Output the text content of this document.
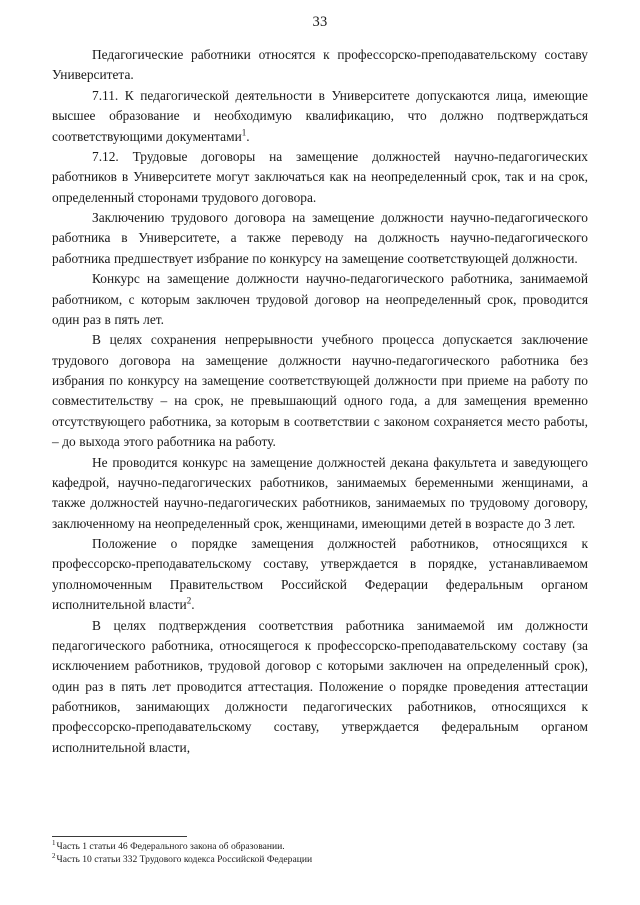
33

Педагогические работники относятся к профессорско-преподавательскому составу Университета.

7.11. К педагогической деятельности в Университете допускаются лица, имеющие высшее образование и необходимую квалификацию, что должно подтверждаться соответствующими документами$^1$.

7.12. Трудовые договоры на замещение должностей научно-педагогических работников в Университете могут заключаться как на неопределенный срок, так и на срок, определенный сторонами трудового договора.

Заключению трудового договора на замещение должности научно-педагогического работника в Университете, а также переводу на должность научно-педагогического работника предшествует избрание по конкурсу на замещение соответствующей должности.

Конкурс на замещение должности научно-педагогического работника, занимаемой работником, с которым заключен трудовой договор на неопределенный срок, проводится один раз в пять лет.

В целях сохранения непрерывности учебного процесса допускается заключение трудового договора на замещение должности научно-педагогического работника без избрания по конкурсу на замещение соответствующей должности при приеме на работу по совместительству – на срок, не превышающий одного года, а для замещения временно отсутствующего работника, за которым в соответствии с законом сохраняется место работы, – до выхода этого работника на работу.

Не проводится конкурс на замещение должностей декана факультета и заведующего кафедрой, научно-педагогических работников, занимаемых беременными женщинами, а также должностей научно-педагогических работников, занимаемых по трудовому договору, заключенному на неопределенный срок, женщинами, имеющими детей в возрасте до 3 лет.

Положение о порядке замещения должностей работников, относящихся к профессорско-преподавательскому составу, утверждается в порядке, устанавливаемом уполномоченным Правительством Российской Федерации федеральным органом исполнительной власти$^2$.

В целях подтверждения соответствия работника занимаемой им должности педагогического работника, относящегося к профессорско-преподавательскому составу (за исключением работников, трудовой договор с которыми заключен на определенный срок), один раз в пять лет проводится аттестация. Положение о порядке проведения аттестации работников, занимающих должности педагогических работников, относящихся к профессорско-преподавательскому составу, утверждается федеральным органом исполнительной власти,

$^1$Часть 1 статьи 46 Федерального закона об образовании.

$^2$Часть 10 статьи 332 Трудового кодекса Российской Федерации
